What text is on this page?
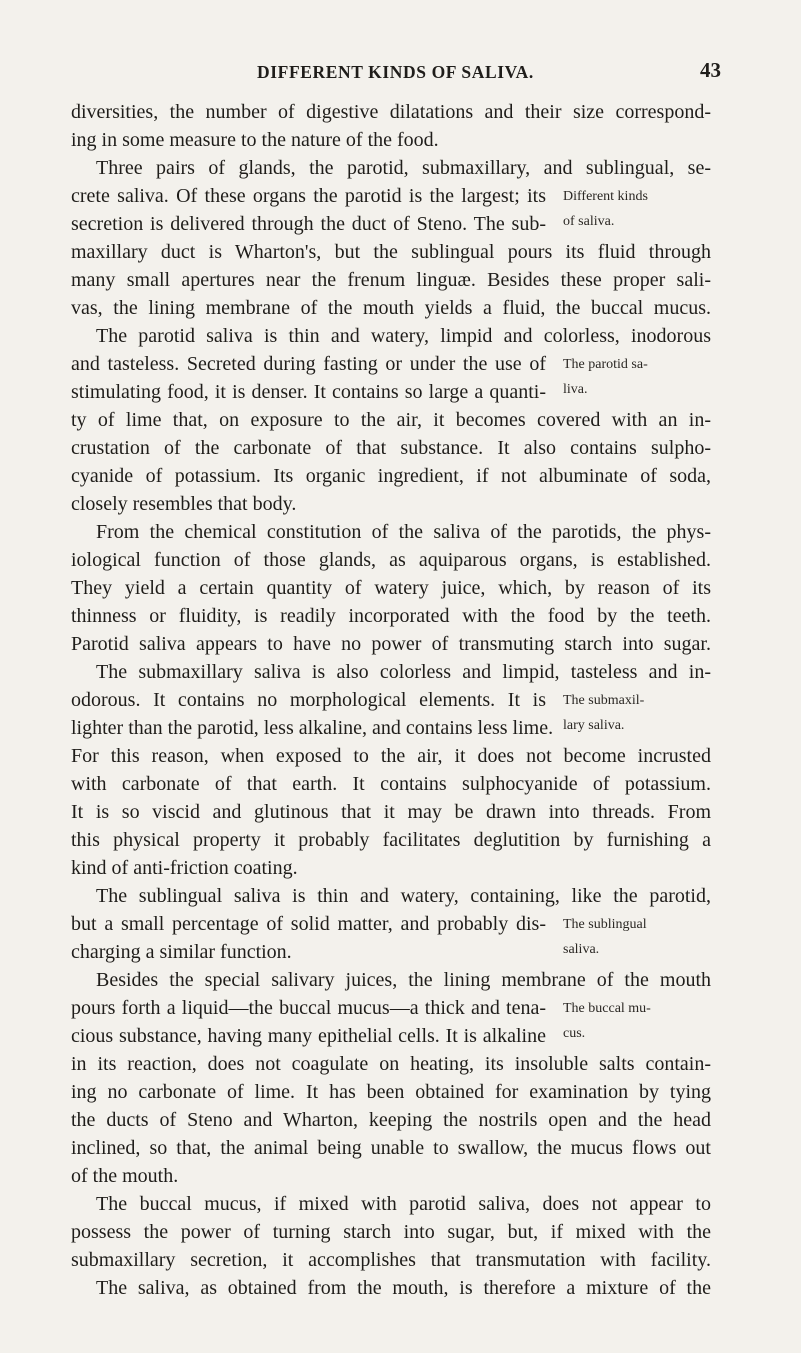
DIFFERENT KINDS OF SALIVA.	43
diversities, the number of digestive dilatations and their size correspond-
ing in some measure to the nature of the food.
Three pairs of glands, the parotid, submaxillary, and sublingual, se-
crete saliva. Of these organs the parotid is the largest; its
secretion is delivered through the duct of Steno. The sub-
maxillary duct is Wharton's, but the sublingual pours its fluid through
many small apertures near the frenum linguæ. Besides these proper sali-
vas, the lining membrane of the mouth yields a fluid, the buccal mucus.
The parotid saliva is thin and watery, limpid and colorless, inodorous
and tasteless. Secreted during fasting or under the use of
stimulating food, it is denser. It contains so large a quanti-
ty of lime that, on exposure to the air, it becomes covered with an in-
crustation of the carbonate of that substance. It also contains sulpho-
cyanide of potassium. Its organic ingredient, if not albuminate of soda,
closely resembles that body.
From the chemical constitution of the saliva of the parotids, the phys-
iological function of those glands, as aquiparous organs, is established.
They yield a certain quantity of watery juice, which, by reason of its
thinness or fluidity, is readily incorporated with the food by the teeth.
Parotid saliva appears to have no power of transmuting starch into sugar.
The submaxillary saliva is also colorless and limpid, tasteless and in-
odorous. It contains no morphological elements. It is
lighter than the parotid, less alkaline, and contains less lime.
For this reason, when exposed to the air, it does not become incrusted
with carbonate of that earth. It contains sulphocyanide of potassium.
It is so viscid and glutinous that it may be drawn into threads. From
this physical property it probably facilitates deglutition by furnishing a
kind of anti-friction coating.
The sublingual saliva is thin and watery, containing, like the parotid,
but a small percentage of solid matter, and probably dis-
charging a similar function.
Besides the special salivary juices, the lining membrane of the mouth
pours forth a liquid—the buccal mucus—a thick and tena-
cious substance, having many epithelial cells. It is alkaline
in its reaction, does not coagulate on heating, its insoluble salts contain-
ing no carbonate of lime. It has been obtained for examination by tying
the ducts of Steno and Wharton, keeping the nostrils open and the head
inclined, so that, the animal being unable to swallow, the mucus flows out
of the mouth.
The buccal mucus, if mixed with parotid saliva, does not appear to
possess the power of turning starch into sugar, but, if mixed with the
submaxillary secretion, it accomplishes that transmutation with facility.
The saliva, as obtained from the mouth, is therefore a mixture of the
Different kinds
of saliva.
The parotid sa-
liva.
The submaxil-
lary saliva.
The sublingual
saliva.
The buccal mu-
cus.
